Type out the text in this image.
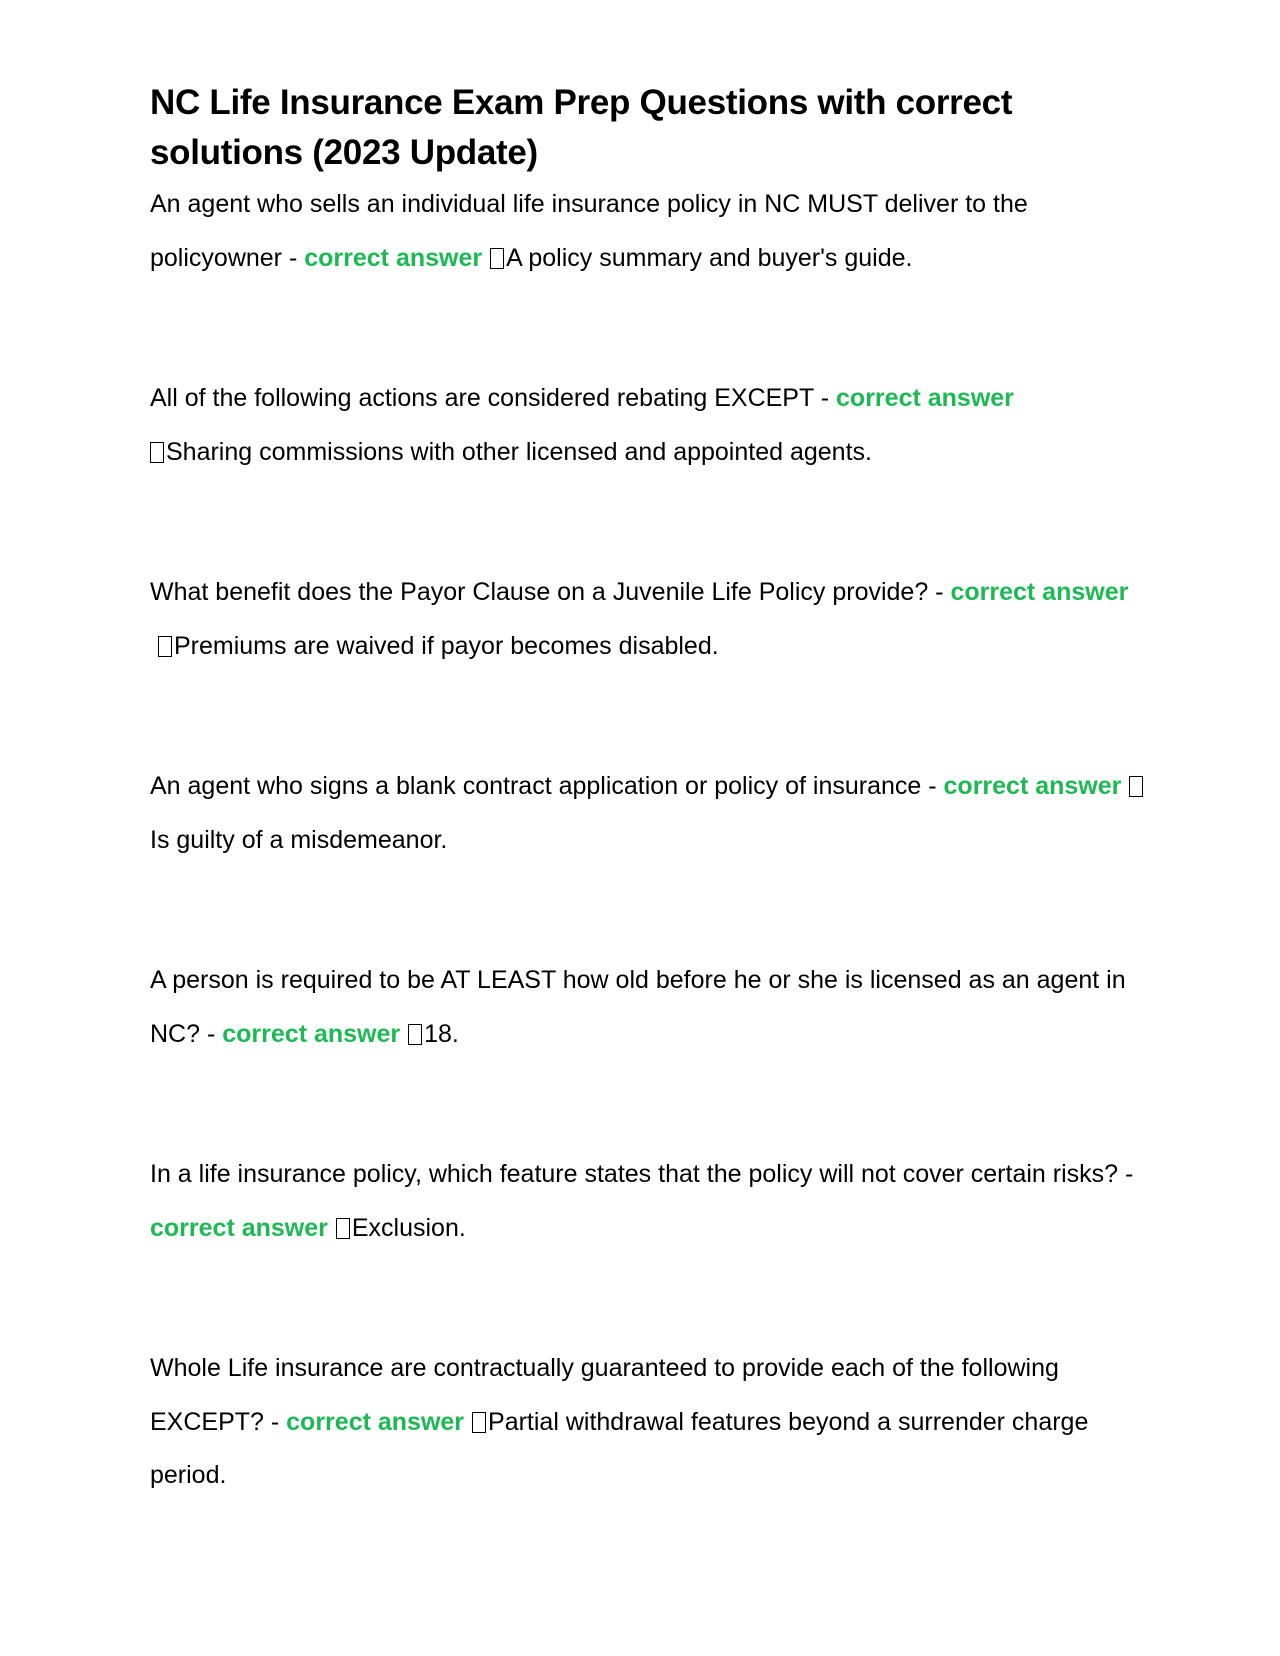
NC Life Insurance Exam Prep Questions with correct solutions (2023 Update)

An agent who sells an individual life insurance policy in NC MUST deliver to the policyowner - correct answer A policy summary and buyer's guide.

All of the following actions are considered rebating EXCEPT - correct answer
Sharing commissions with other licensed and appointed agents.

What benefit does the Payor Clause on a Juvenile Life Policy provide? - correct answerPremiums are waived if payor becomes disabled.

An agent who signs a blank contract application or policy of insurance - correct answerIs guilty of a misdemeanor.

A person is required to be AT LEAST how old before he or she is licensed as an agent in NC? - correct answer 18.

In a life insurance policy, which feature states that the policy will not cover certain risks? - correct answer Exclusion.

Whole Life insurance are contractually guaranteed to provide each of the following EXCEPT? - correct answer Partial withdrawal features beyond a surrender charge period.
